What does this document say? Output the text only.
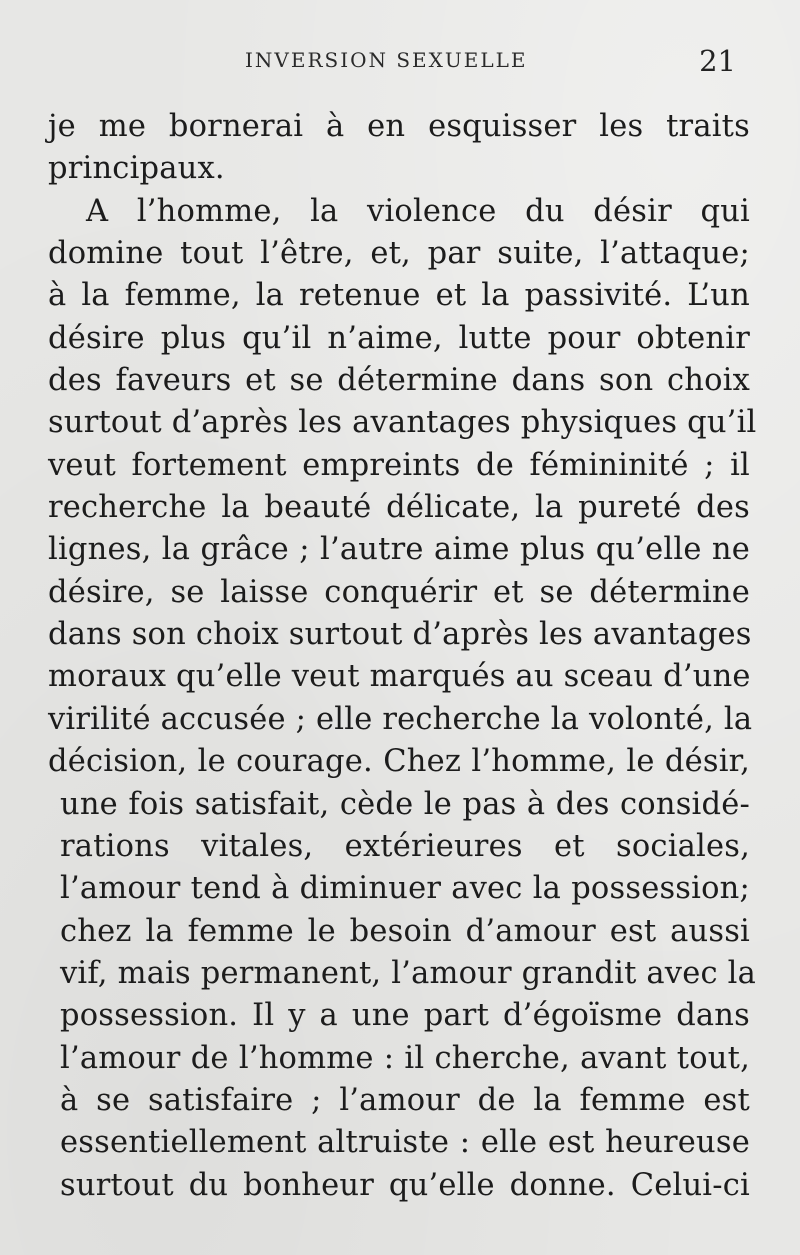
INVERSION SEXUELLE	21
je me bornerai à en esquisser les traits
principaux.
A l’homme, la violence du désir qui
domine tout l’être, et, par suite, l’attaque;
à la femme, la retenue et la passivité. L’un
désire plus qu’il n’aime, lutte pour obtenir
des faveurs et se détermine dans son choix
surtout d’après les avantages physiques qu’il
veut fortement empreints de fémininité ; il
recherche la beauté délicate, la pureté des
lignes, la grâce ; l’autre aime plus qu’elle ne
désire, se laisse conquérir et se détermine
dans son choix surtout d’après les avantages
moraux qu’elle veut marqués au sceau d’une
virilité accusée ; elle recherche la volonté, la
décision, le courage. Chez l’homme, le désir,
une fois satisfait, cède le pas à des considé-
rations vitales, extérieures et sociales,
l’amour tend à diminuer avec la possession;
chez la femme le besoin d’amour est aussi
vif, mais permanent, l’amour grandit avec la
possession. Il y a une part d’égoïsme dans
l’amour de l’homme : il cherche, avant tout,
à se satisfaire ; l’amour de la femme est
essentiellement altruiste : elle est heureuse
surtout du bonheur qu’elle donne. Celui-ci
